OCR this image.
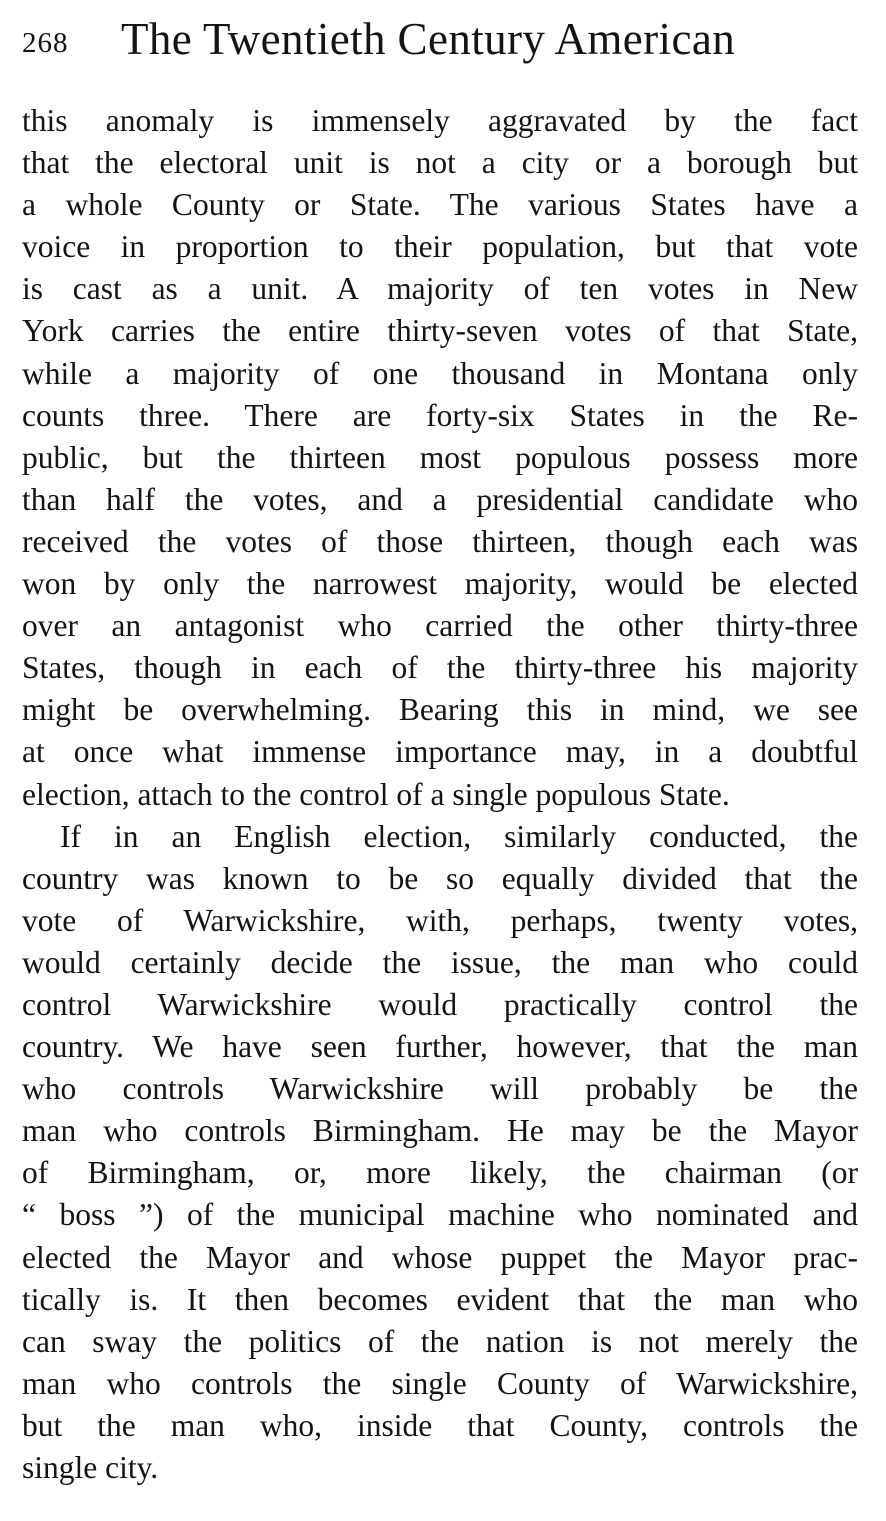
268 The Twentieth Century American
this anomaly is immensely aggravated by the fact
that the electoral unit is not a city or a borough but
a whole County or State. The various States have a
voice in proportion to their population, but that vote
is cast as a unit. A majority of ten votes in New
York carries the entire thirty-seven votes of that State,
while a majority of one thousand in Montana only
counts three. There are forty-six States in the Re-
public, but the thirteen most populous possess more
than half the votes, and a presidential candidate who
received the votes of those thirteen, though each was
won by only the narrowest majority, would be elected
over an antagonist who carried the other thirty-three
States, though in each of the thirty-three his majority
might be overwhelming. Bearing this in mind, we see
at once what immense importance may, in a doubtful
election, attach to the control of a single populous State.
If in an English election, similarly conducted, the
country was known to be so equally divided that the
vote of Warwickshire, with, perhaps, twenty votes,
would certainly decide the issue, the man who could
control Warwickshire would practically control the
country. We have seen further, however, that the man
who controls Warwickshire will probably be the
man who controls Birmingham. He may be the Mayor
of Birmingham, or, more likely, the chairman (or
“ boss ”) of the municipal machine who nominated and
elected the Mayor and whose puppet the Mayor prac-
tically is. It then becomes evident that the man who
can sway the politics of the nation is not merely the
man who controls the single County of Warwickshire,
but the man who, inside that County, controls the
single city.
